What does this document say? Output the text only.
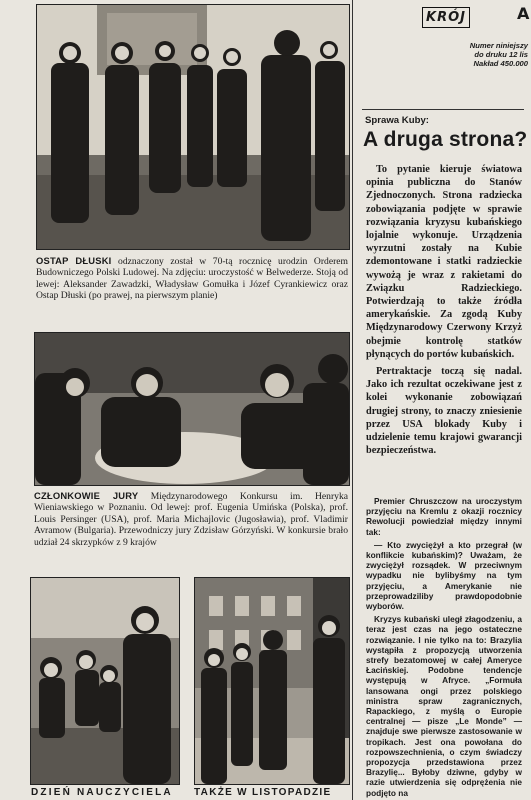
OSTAP DŁUSKI odznaczony został w 70-tą rocznicę urodzin Orderem Budowniczego Polski Ludowej. Na zdjęciu: uroczystość w Belwederze. Stoją od lewej: Aleksander Zawadzki, Władysław Gomułka i Józef Cyrankiewicz oraz Ostap Dłuski (po prawej, na pierwszym planie)
CZŁONKOWIE JURY Międzynarodowego Konkursu im. Henryka Wieniawskiego w Poznaniu. Od lewej: prof. Eugenia Umińska (Polska), prof. Louis Persinger (USA), prof. Maria Michajlovic (Jugosławia), prof. Vladimir Avramow (Bulgaria). Przewodniczy jury Zdzisław Górzyński. W konkursie brało udział 24 skrzypków z 9 krajów
DZIEŃ NAUCZYCIELA	TAKŻE W LISTOPADZIE
KRÓJ	A
Numer niniejszy
do druku 12 lis
Nakład 450.000
Sprawa Kuby:
A druga strona?

To pytanie kieruje światowa opinia publiczna do Stanów Zjednoczonych. Strona radziecka zobowiązania podjęte w sprawie rozwiązania kryzysu kubańskiego lojalnie wykonuje. Urządzenia wyrzutni zostały na Kubie zdemontowane i statki radzieckie wywożą je wraz z rakietami do Związku Radzieckiego. Potwierdzają to także źródła amerykańskie. Za zgodą Kuby Międzynarodowy Czerwony Krzyż obejmie kontrolę statków płynących do portów kubańskich.

Pertraktacje toczą się nadal. Jako ich rezultat oczekiwane jest z kolei wykonanie zobowiązań drugiej strony, to znaczy zniesienie przez USA blokady Kuby i udzielenie temu krajowi gwarancji bezpieczeństwa.

Premier Chruszczow na uroczystym przyjęciu na Kremlu z okazji rocznicy Rewolucji powiedział między innymi tak:

— Kto zwyciężył a kto przegrał (w konflikcie kubańskim)? Uważam, że zwyciężył rozsądek. W przeciwnym wypadku nie bylibyśmy na tym przyjęciu, a Amerykanie nie przeprowadziliby prawdopodobnie wyborów.

Kryzys kubański uległ złagodzeniu, a teraz jest czas na jego ostateczne rozwiązanie. I nie tylko na to: Brazylia wystąpiła z propozycją utworzenia strefy bezatomowej w całej Ameryce Łacińskiej. Podobne tendencje występują w Afryce. „Formuła lansowana ongi przez polskiego ministra spraw zagranicznych, Rapackiego, z myślą o Europie centralnej — pisze „Le Monde” — znajduje swe pierwsze zastosowanie w tropikach. Jest ona powołana do rozpowszechnienia, o czym świadczy propozycja przedstawiona przez Brazylię... Byłoby dziwne, gdyby w razie utwierdzenia się odprężenia nie podjęto na
